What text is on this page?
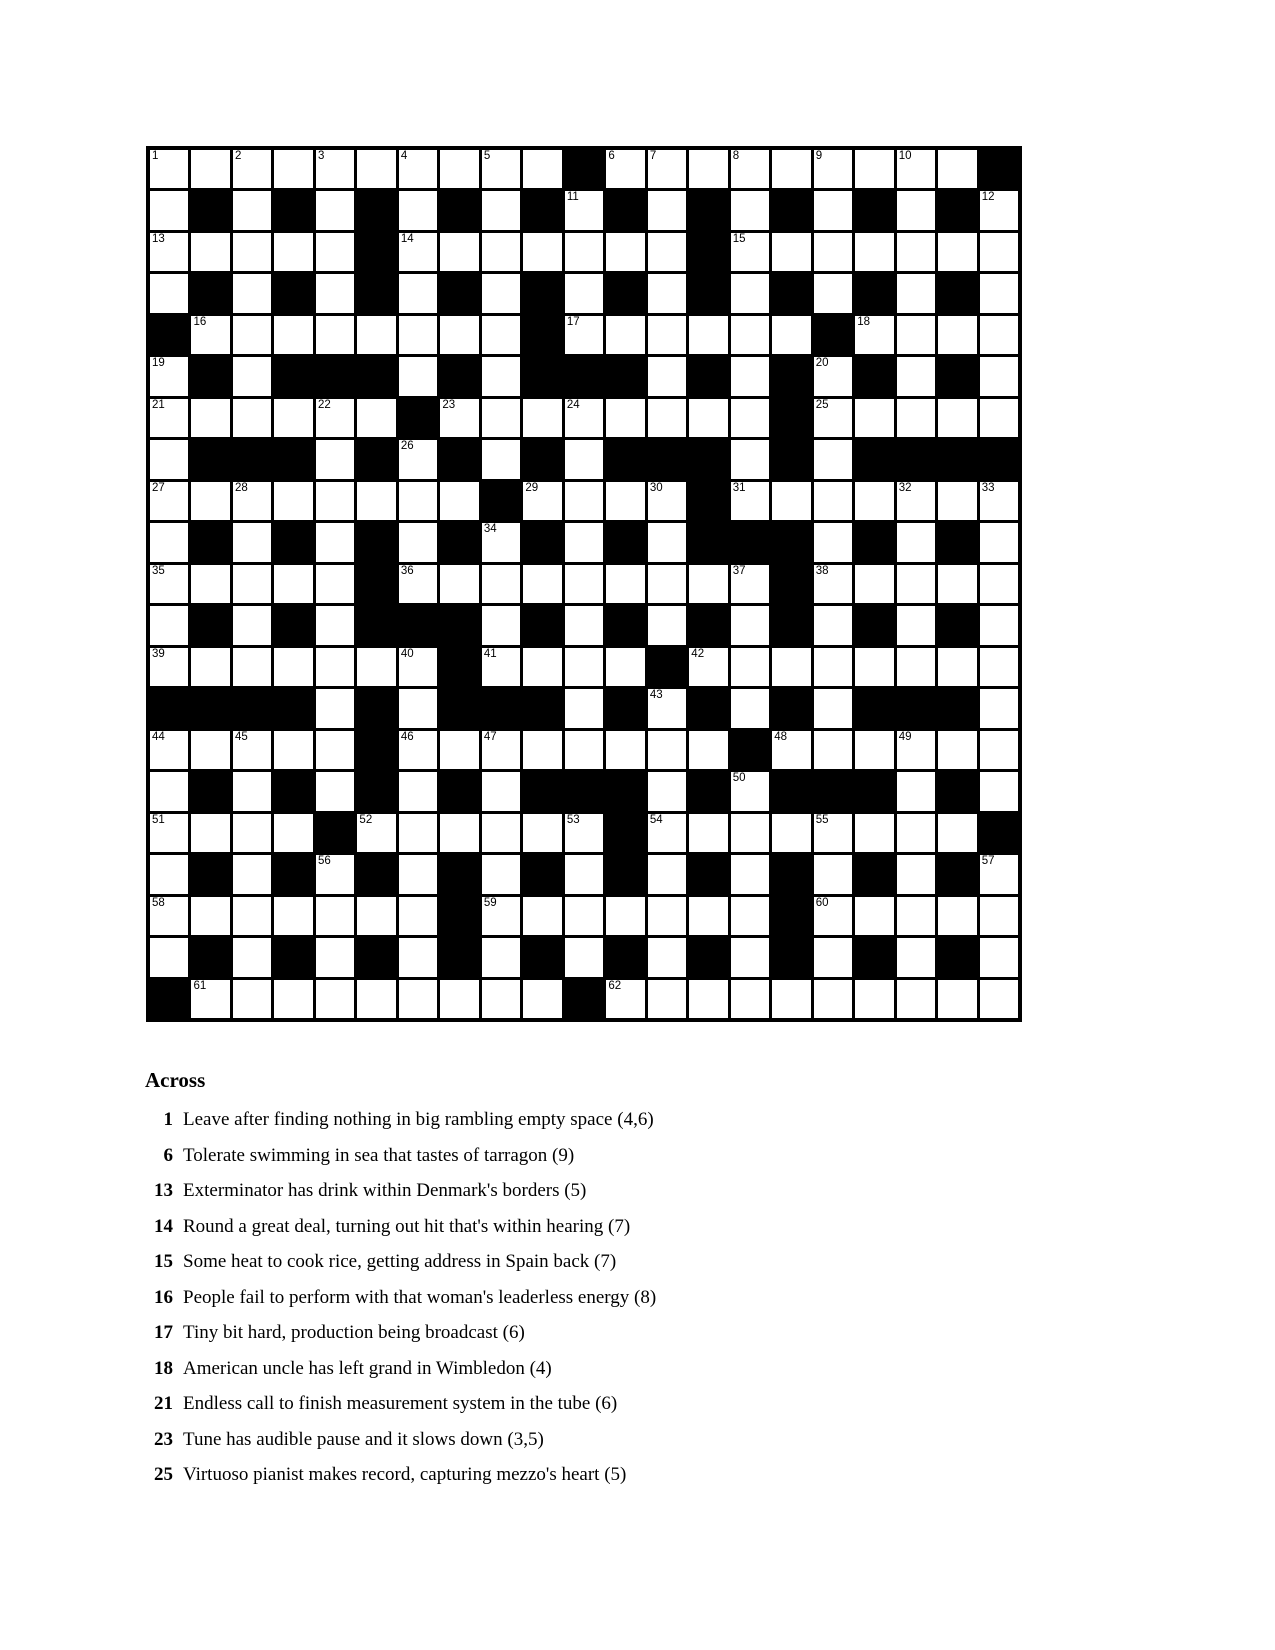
1	2	3	4	5	6	7	8	9	10
11	12
13	14	15
16	17	18
19	20
21	22	23	24	25
26
27	28	29	30	31	32	33
34
35	36	37	38
39	40	41	42
43
44	45	46	47	48	49
50
51	52	53	54	55
56	57
58	59	60
61	62
Across
1 Leave after finding nothing in big rambling empty space (4,6)
6 Tolerate swimming in sea that tastes of tarragon (9)
13 Exterminator has drink within Denmark's borders (5)
14 Round a great deal, turning out hit that's within hearing (7)
15 Some heat to cook rice, getting address in Spain back (7)
16 People fail to perform with that woman's leaderless energy (8)
17 Tiny bit hard, production being broadcast (6)
18 American uncle has left grand in Wimbledon (4)
21 Endless call to finish measurement system in the tube (6)
23 Tune has audible pause and it slows down (3,5)
25 Virtuoso pianist makes record, capturing mezzo's heart (5)
